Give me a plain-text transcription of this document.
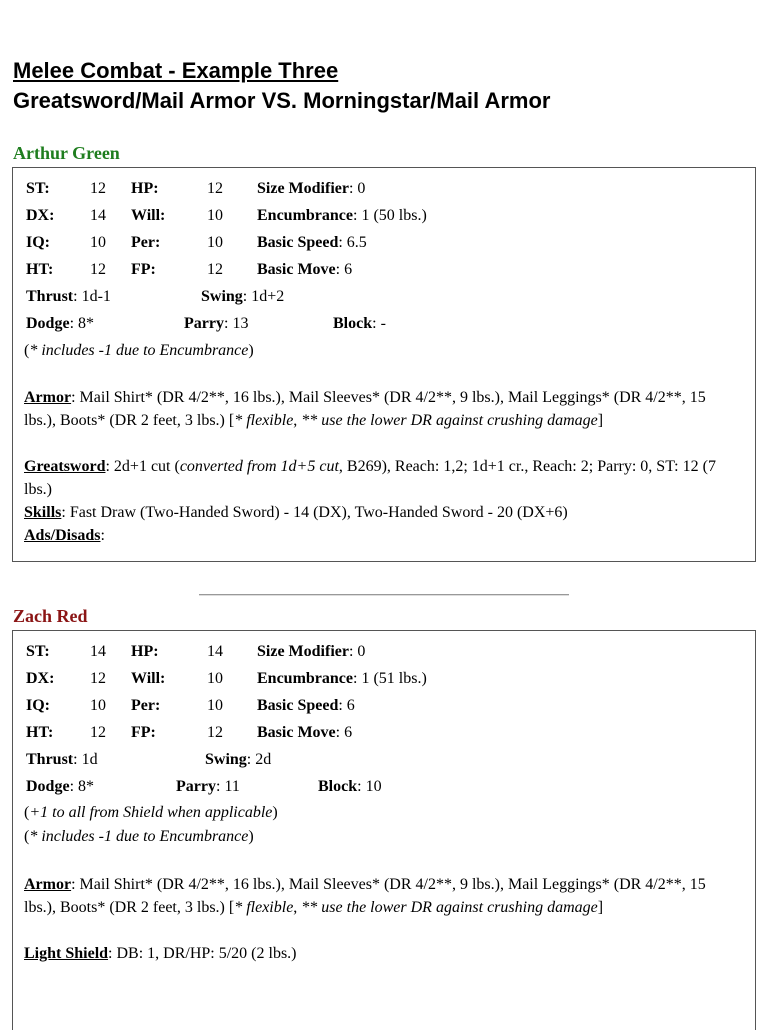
Melee Combat - Example Three
Greatsword/Mail Armor VS. Morningstar/Mail Armor
Arthur Green
ST:	12 HP:	12 Size Modifier: 0
DX: 14 Will:	10 Encumbrance: 1 (50 lbs.)
IQ:	10 Per:	10 Basic Speed: 6.5
HT: 12 FP:	12 Basic Move: 6
Thrust: 1d-1	Swing: 1d+2
Dodge: 8*	Parry: 13	Block: -
(* includes -1 due to Encumbrance)
Armor: Mail Shirt* (DR 4/2**, 16 lbs.), Mail Sleeves* (DR 4/2**, 9 lbs.), Mail Leggings* (DR 4/2**, 15 lbs.), Boots* (DR 2 feet, 3 lbs.) [* flexible, ** use the lower DR against crushing damage]
Greatsword: 2d+1 cut (converted from 1d+5 cut, B269), Reach: 1,2; 1d+1 cr., Reach: 2; Parry: 0, ST: 12 (7 lbs.)
Skills: Fast Draw (Two-Handed Sword) - 14 (DX), Two-Handed Sword - 20 (DX+6)
Ads/Disads:
Zach Red
ST:	14 HP:	14 Size Modifier: 0
DX: 12 Will:	10 Encumbrance: 1 (51 lbs.)
IQ:	10 Per:	10 Basic Speed: 6
HT: 12 FP:	12 Basic Move: 6
Thrust: 1d	Swing: 2d
Dodge: 8*	Parry: 11	Block: 10
(+1 to all from Shield when applicable)
(* includes -1 due to Encumbrance)
Armor: Mail Shirt* (DR 4/2**, 16 lbs.), Mail Sleeves* (DR 4/2**, 9 lbs.), Mail Leggings* (DR 4/2**, 15 lbs.), Boots* (DR 2 feet, 3 lbs.) [* flexible, ** use the lower DR against crushing damage]
Light Shield: DB: 1, DR/HP: 5/20 (2 lbs.)
